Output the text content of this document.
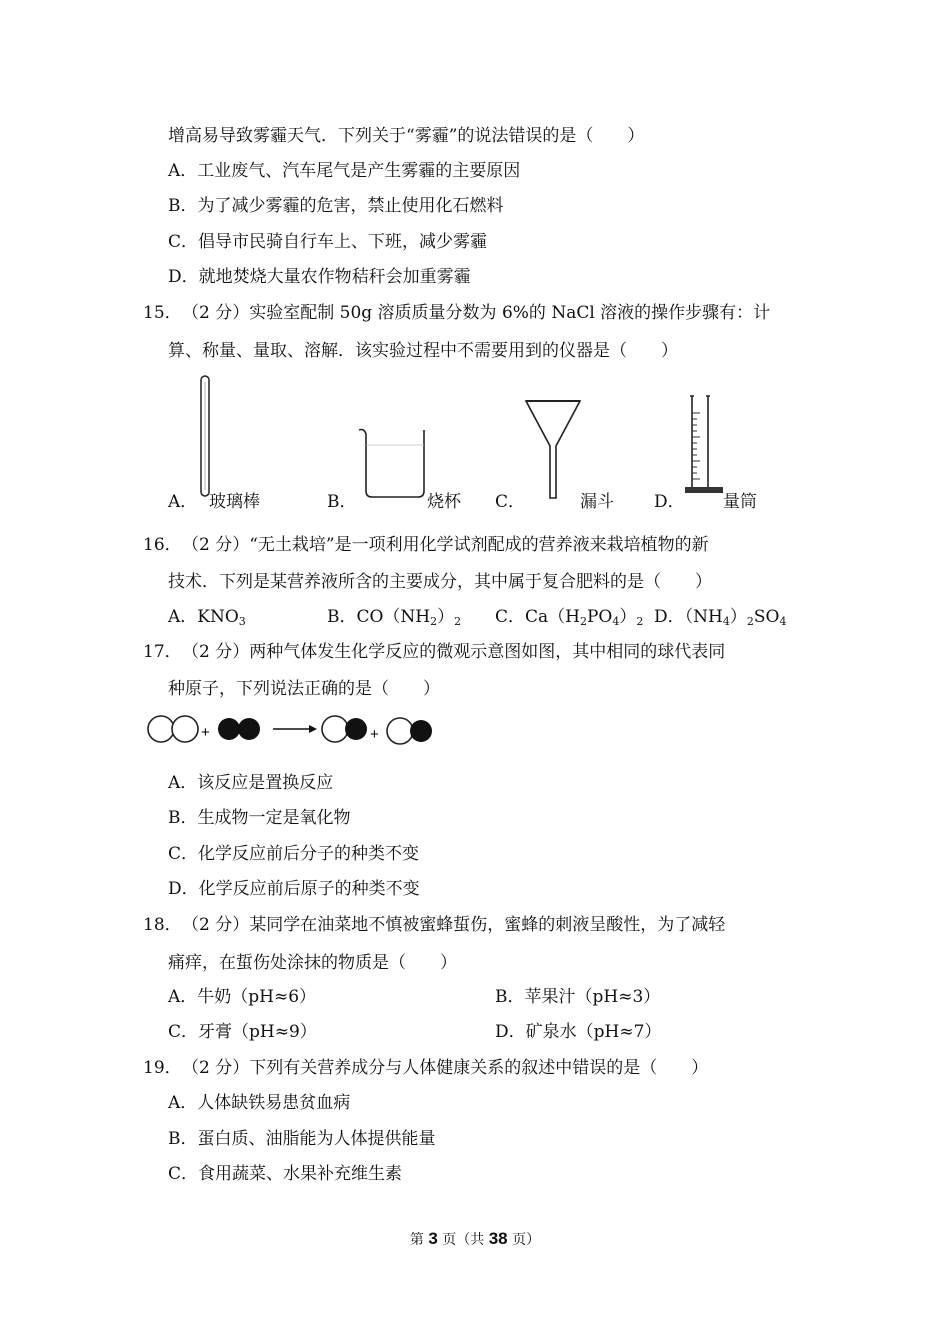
增高易导致雾霾天气．下列关于“雾霾”的说法错误的是（　　）
A．工业废气、汽车尾气是产生雾霾的主要原因
B．为了减少雾霾的危害，禁止使用化石燃料
C．倡导市民骑自行车上、下班，减少雾霾
D．就地焚烧大量农作物秸秆会加重雾霾
15． （2 分）实验室配制 50g 溶质质量分数为 6%的 NaCl 溶液的操作步骤有：计
算、称量、量取、溶解．该实验过程中不需要用到的仪器是（　　）
A． 玻璃棒	B．	烧杯 C．	漏斗 D． 量筒
16． （2 分）“无土栽培”是一项利用化学试剂配成的营养液来栽培植物的新
技术．下列是某营养液所含的主要成分，其中属于复合肥料的是（　　）
A．$KNO_3$	B．$CO(NH_2)_2$ C．$Ca(H_2PO_4)_2$ D．$(NH_4)_2SO_4$
17． （2 分）两种气体发生化学反应的微观示意图如图，其中相同的球代表同
种原子，下列说法正确的是（　　）
+	+
A．该反应是置换反应
B．生成物一定是氧化物
C．化学反应前后分子的种类不变
D．化学反应前后原子的种类不变
18． （2 分）某同学在油菜地不慎被蜜蜂蜇伤，蜜蜂的刺液呈酸性，为了减轻
痛痒，在蜇伤处涂抹的物质是（　　）
A．牛奶（pH≈6）	B．苹果汁（pH≈3）
C．牙膏（pH≈9）	D．矿泉水（pH≈7）
19． （2 分）下列有关营养成分与人体健康关系的叙述中错误的是（　　）
A．人体缺铁易患贫血病
B．蛋白质、油脂能为人体提供能量
C．食用蔬菜、水果补充维生素
第 3 页（共 38 页）
